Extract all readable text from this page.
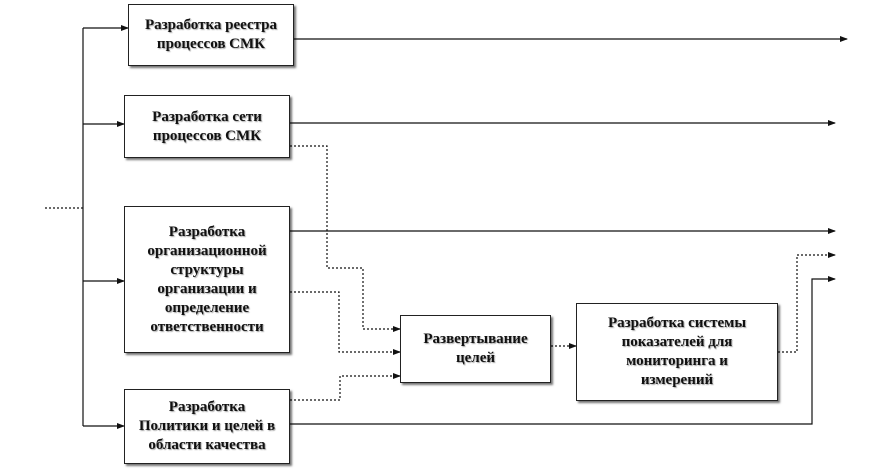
Разработка реестра
процессов СМК
Разработка сети
процессов СМК
Разработка
организационной
структуры
организации и
определение
ответственности
Разработка
Политики и целей в
области качества
Развертывание
целей
Разработка системы
показателей для
мониторинга и
измерений
